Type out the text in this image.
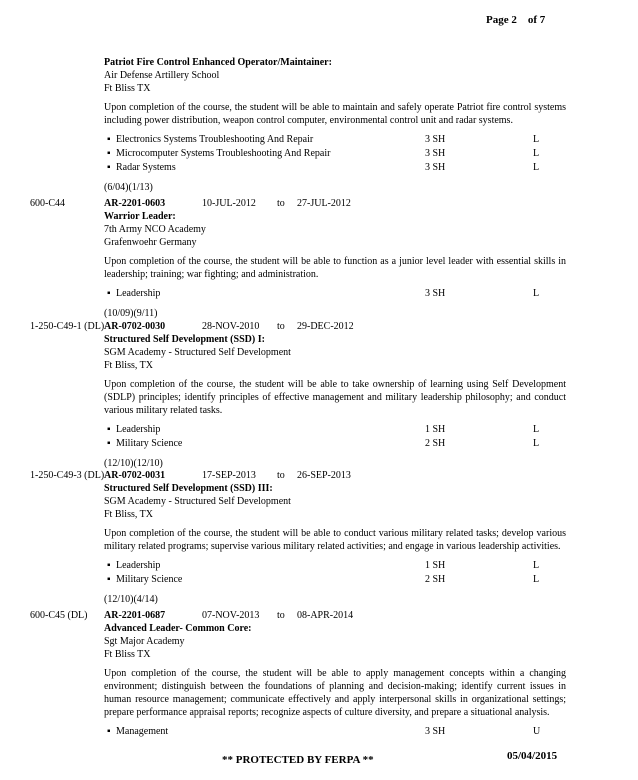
Page 2 of 7
Patriot Fire Control Enhanced Operator/Maintainer:
Air Defense Artillery School
Ft Bliss TX
Upon completion of the course, the student will be able to maintain and safely operate Patriot fire control systems including power distribution, weapon control computer, environmental control unit and radar systems.
▪ Electronics Systems Troubleshooting And Repair	3 SH	L
▪ Microcomputer Systems Troubleshooting And Repair	3 SH	L
▪ Radar Systems	3 SH	L
(6/04)(1/13)
600-C44	AR-2201-0603	10-JUL-2012 to 27-JUL-2012
Warrior Leader:
7th Army NCO Academy
Grafenwoehr Germany
Upon completion of the course, the student will be able to function as a junior level leader with essential skills in leadership; training; war fighting; and administration.
▪ Leadership	3 SH	L
(10/09)(9/11)
1-250-C49-1 (DL) AR-0702-0030	28-NOV-2010 to 29-DEC-2012
Structured Self Development (SSD) I:
SGM Academy - Structured Self Development
Ft Bliss, TX
Upon completion of the course, the student will be able to take ownership of learning using Self Development (SDLP) principles; identify principles of effective management and military leadership philosophy; and conduct various military related tasks.
▪ Leadership	1 SH	L
▪ Military Science	2 SH	L
(12/10)(12/10)
1-250-C49-3 (DL) AR-0702-0031	17-SEP-2013 to 26-SEP-2013
Structured Self Development (SSD) III:
SGM Academy - Structured Self Development
Ft Bliss, TX
Upon completion of the course, the student will be able to conduct various military related tasks; develop various military related programs; supervise various military related activities; and engage in various leadership activities.
▪ Leadership	1 SH	L
▪ Military Science	2 SH	L
(12/10)(4/14)
600-C45 (DL) AR-2201-0687	07-NOV-2013 to 08-APR-2014
Advanced Leader- Common Core:
Sgt Major Academy
Ft Bliss TX
Upon completion of the course, the student will be able to apply management concepts within a changing environment; distinguish between the foundations of planning and decision-making; identify current issues in human resource management; communicate effectively and apply interpersonal skills in organizational settings; prepare performance appraisal reports; recognize aspects of culture diversity, and prepare a situational analysis.
▪ Management	3 SH	U
** PROTECTED BY FERPA **	05/04/2015
